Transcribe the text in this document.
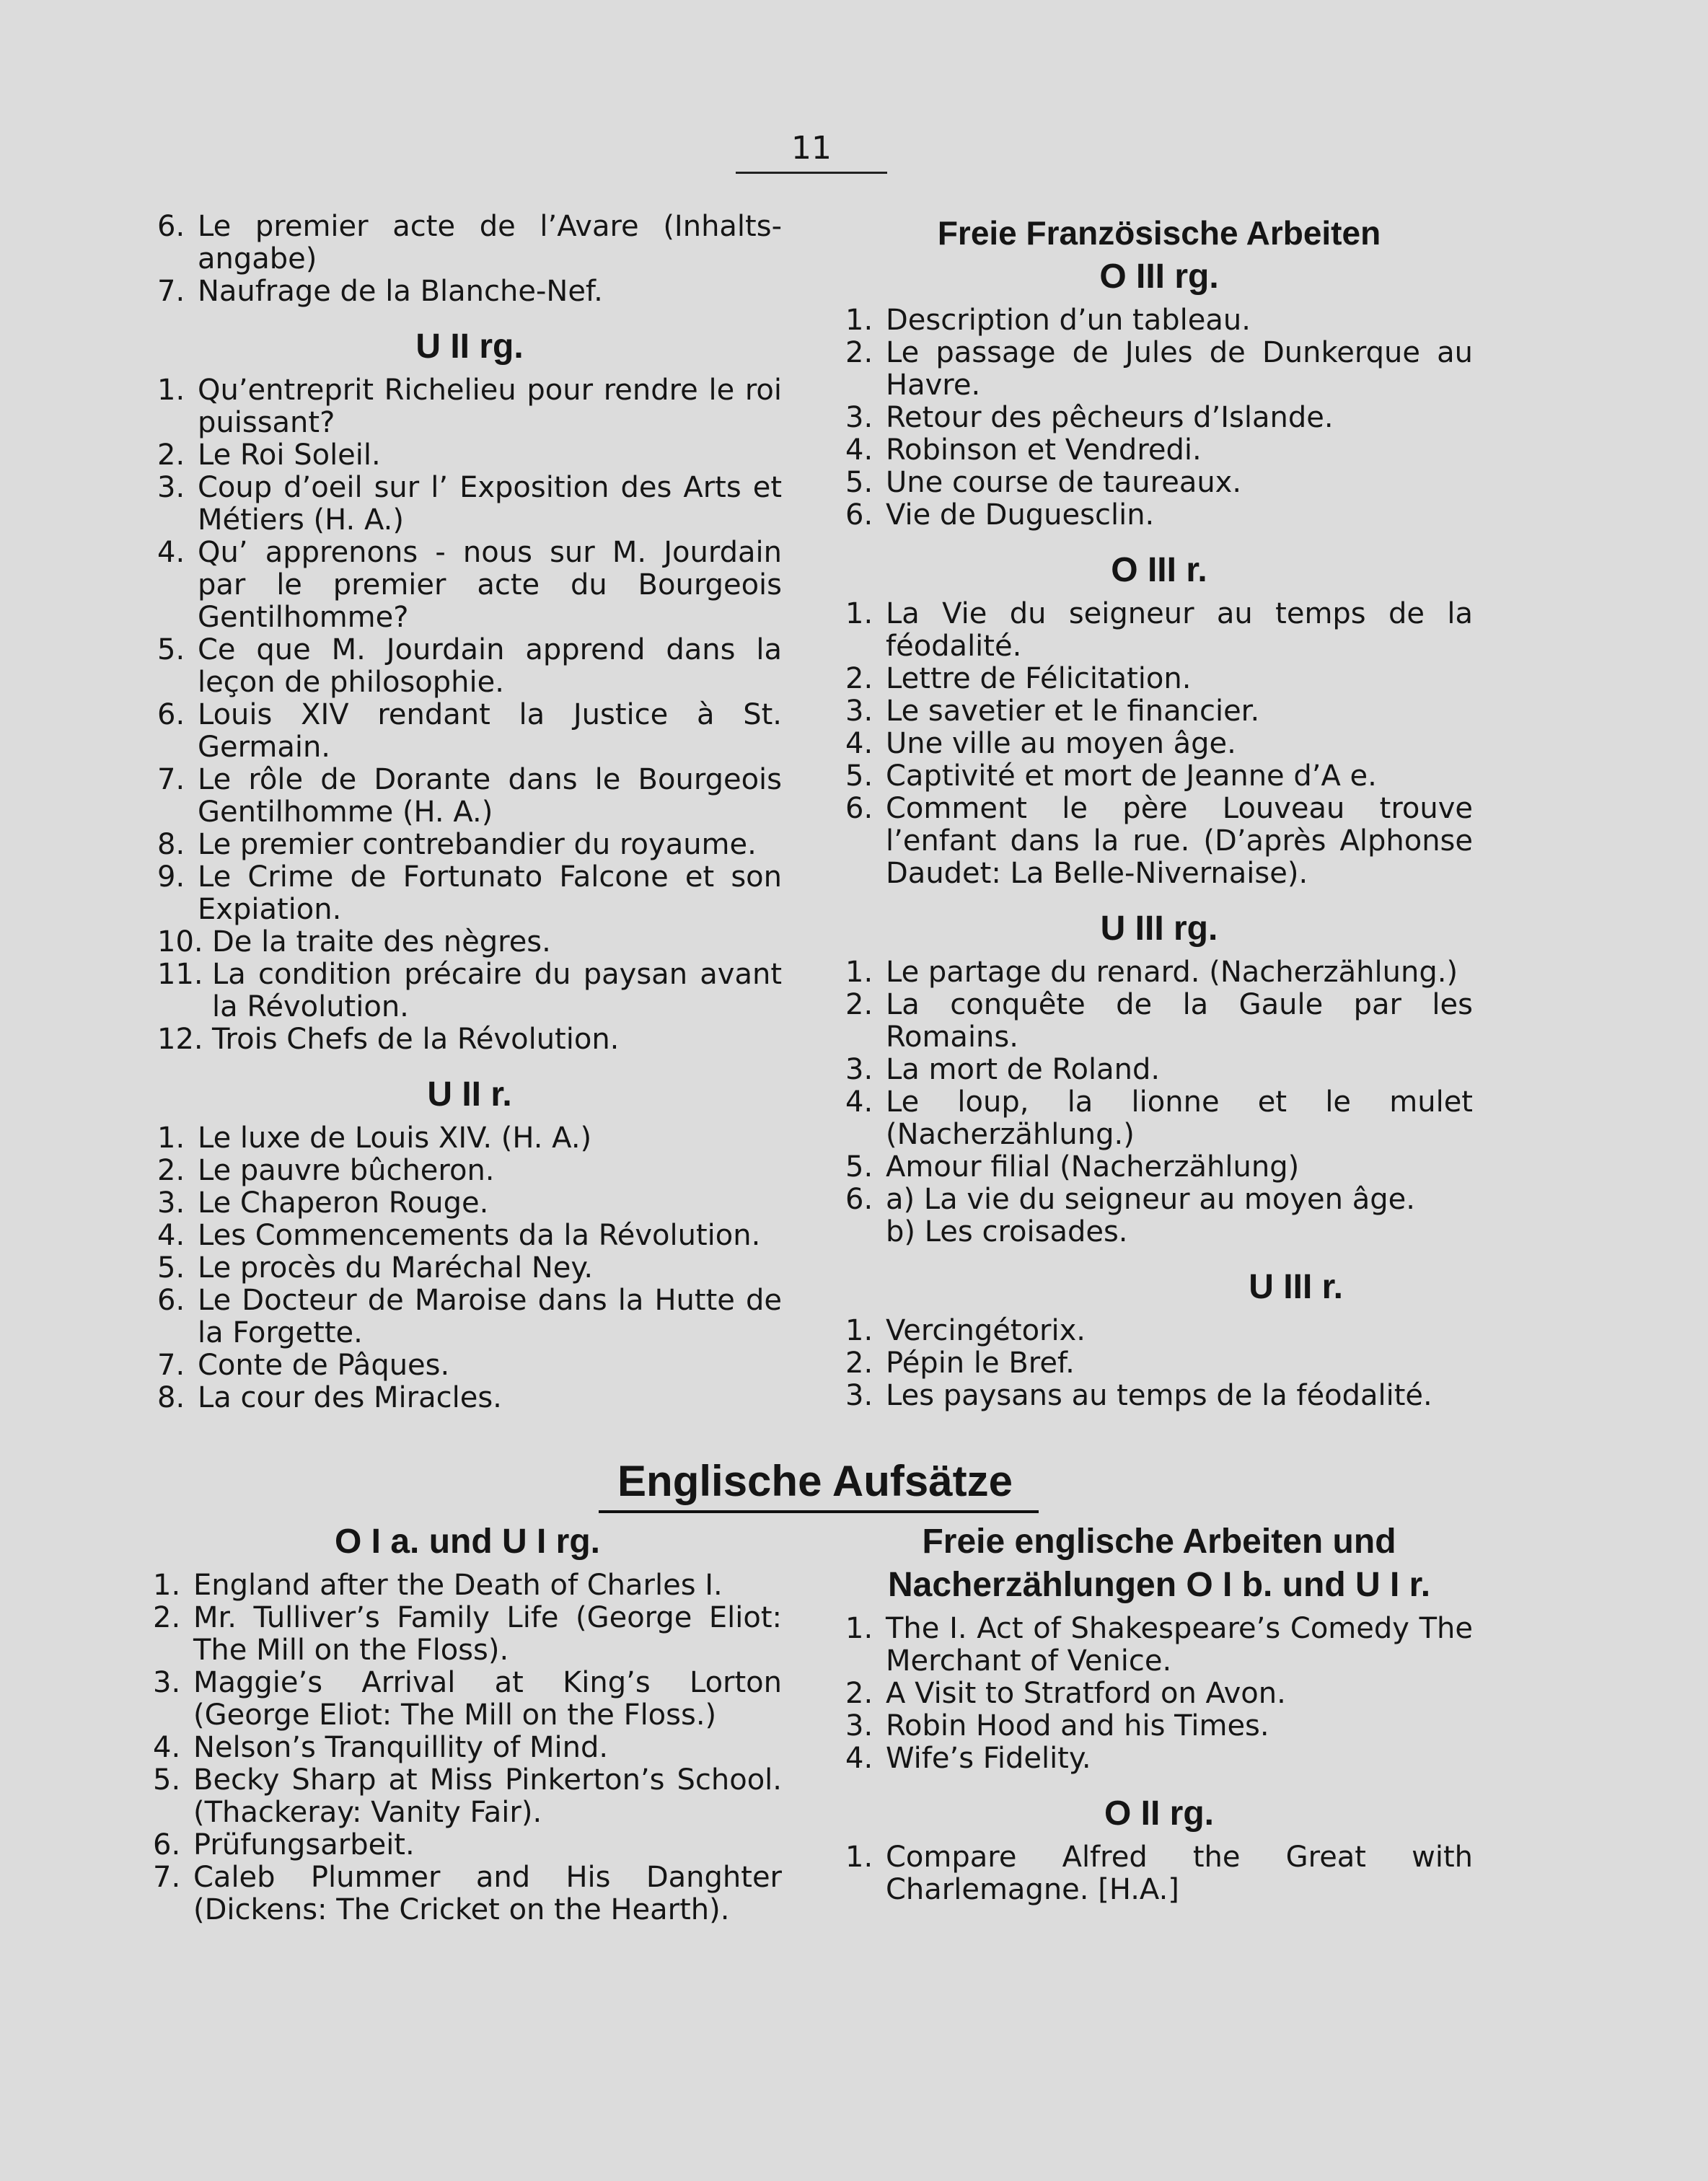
11
6. Le premier acte de l’Avare (Inhalts-angabe)
7. Naufrage de la Blanche-Nef.
U II rg.
1. Qu’entreprit Richelieu pour rendre le roi puissant?
2. Le Roi Soleil.
3. Coup d’oeil sur l’ Exposition des Arts et Métiers (H. A.)
4. Qu’ apprenons - nous sur M. Jourdain par le premier acte du Bourgeois Gentilhomme?
5. Ce que M. Jourdain apprend dans la leçon de philosophie.
6. Louis XIV rendant la Justice à St. Germain.
7. Le rôle de Dorante dans le Bourgeois Gentilhomme (H. A.)
8. Le premier contrebandier du royaume.
9. Le Crime de Fortunato Falcone et son Expiation.
10. De la traite des nègres.
11. La condition précaire du paysan avant la Révolution.
12. Trois Chefs de la Révolution.
U II r.
1. Le luxe de Louis XIV. (H. A.)
2. Le pauvre bûcheron.
3. Le Chaperon Rouge.
4. Les Commencements da la Révolution.
5. Le procès du Maréchal Ney.
6. Le Docteur de Maroise dans la Hutte de la Forgette.
7. Conte de Pâques.
8. La cour des Miracles.
Freie Französische Arbeiten
O III rg.
1. Description d’un tableau.
2. Le passage de Jules de Dunkerque au Havre.
3. Retour des pêcheurs d’Islande.
4. Robinson et Vendredi.
5. Une course de taureaux.
6. Vie de Duguesclin.
O III r.
1. La Vie du seigneur au temps de la féodalité.
2. Lettre de Félicitation.
3. Le savetier et le financier.
4. Une ville au moyen âge.
5. Captivité et mort de Jeanne d’A e.
6. Comment le père Louveau trouve l’enfant dans la rue. (D’après Alphonse Daudet: La Belle-Nivernaise).
U III rg.
1. Le partage du renard. (Nacherzählung.)
2. La conquête de la Gaule par les Romains.
3. La mort de Roland.
4. Le loup, la lionne et le mulet (Nacherzählung.)
5. Amour filial (Nacherzählung)
6. a) La vie du seigneur au moyen âge.
b) Les croisades.
U III r.
1. Vercingétorix.
2. Pépin le Bref.
3. Les paysans au temps de la féodalité.
Englische Aufsätze
O I a. und U I rg.
1. England after the Death of Charles I.
2. Mr. Tulliver’s Family Life (George Eliot: The Mill on the Floss).
3. Maggie’s Arrival at King’s Lorton (George Eliot: The Mill on the Floss.)
4. Nelson’s Tranquillity of Mind.
5. Becky Sharp at Miss Pinkerton’s School. (Thackeray: Vanity Fair).
6. Prüfungsarbeit.
7. Caleb Plummer and His Danghter (Dickens: The Cricket on the Hearth).
Freie englische Arbeiten und
Nacherzählungen O I b. und U I r.
1. The I. Act of Shakespeare’s Comedy The Merchant of Venice.
2. A Visit to Stratford on Avon.
3. Robin Hood and his Times.
4. Wife’s Fidelity.
O II rg.
1. Compare Alfred the Great with Charlemagne. [H.A.]
